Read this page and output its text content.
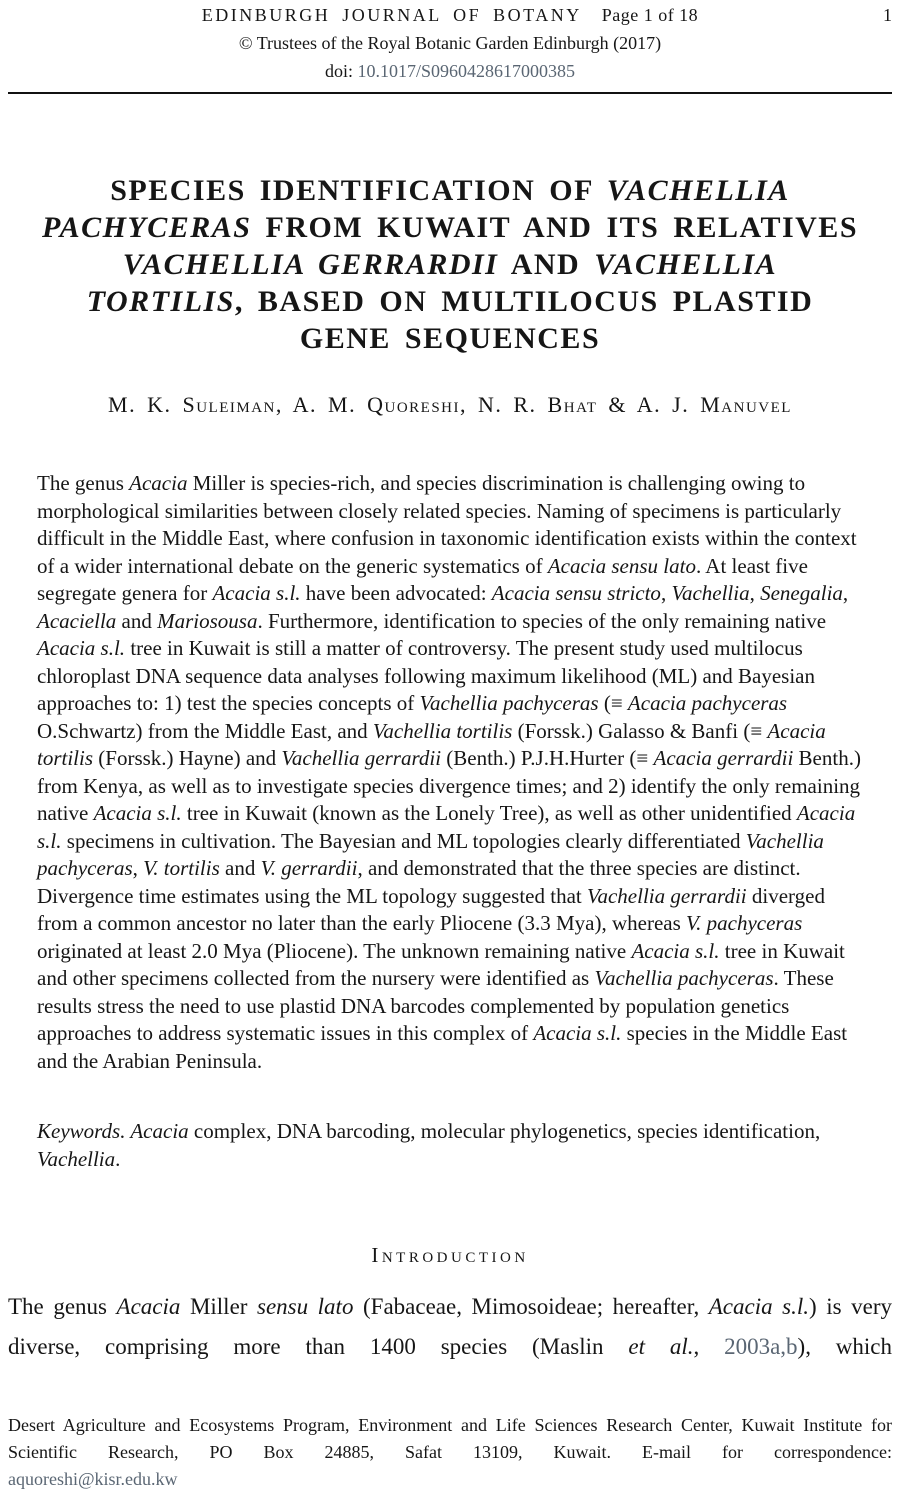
EDINBURGH JOURNAL OF BOTANY Page 1 of 18	1
© Trustees of the Royal Botanic Garden Edinburgh (2017)
doi: 10.1017/S0960428617000385
SPECIES IDENTIFICATION OF VACHELLIA
PACHYCERAS FROM KUWAIT AND ITS RELATIVES
VACHELLIA GERRARDII AND VACHELLIA
TORTILIS, BASED ON MULTILOCUS PLASTID
GENE SEQUENCES
M. K. Suleiman, A. M. Quoreshi, N. R. Bhat & A. J. Manuvel
The genus Acacia Miller is species-rich, and species discrimination is challenging owing to morphological similarities between closely related species. Naming of specimens is particularly difficult in the Middle East, where confusion in taxonomic identification exists within the context of a wider international debate on the generic systematics of Acacia sensu lato. At least five segregate genera for Acacia s.l. have been advocated: Acacia sensu stricto, Vachellia, Senegalia, Acaciella and Mariosousa. Furthermore, identification to species of the only remaining native Acacia s.l. tree in Kuwait is still a matter of controversy. The present study used multilocus chloroplast DNA sequence data analyses following maximum likelihood (ML) and Bayesian approaches to: 1) test the species concepts of Vachellia pachyceras (≡ Acacia pachyceras O.Schwartz) from the Middle East, and Vachellia tortilis (Forssk.) Galasso & Banfi (≡ Acacia tortilis (Forssk.) Hayne) and Vachellia gerrardii (Benth.) P.J.H.Hurter (≡ Acacia gerrardii Benth.) from Kenya, as well as to investigate species divergence times; and 2) identify the only remaining native Acacia s.l. tree in Kuwait (known as the Lonely Tree), as well as other unidentified Acacia s.l. specimens in cultivation. The Bayesian and ML topologies clearly differentiated Vachellia pachyceras, V. tortilis and V. gerrardii, and demonstrated that the three species are distinct. Divergence time estimates using the ML topology suggested that Vachellia gerrardii diverged from a common ancestor no later than the early Pliocene (3.3 Mya), whereas V. pachyceras originated at least 2.0 Mya (Pliocene). The unknown remaining native Acacia s.l. tree in Kuwait and other specimens collected from the nursery were identified as Vachellia pachyceras. These results stress the need to use plastid DNA barcodes complemented by population genetics approaches to address systematic issues in this complex of Acacia s.l. species in the Middle East and the Arabian Peninsula.
Keywords. Acacia complex, DNA barcoding, molecular phylogenetics, species identification, Vachellia.
Introduction
The genus Acacia Miller sensu lato (Fabaceae, Mimosoideae; hereafter, Acacia s.l.) is very diverse, comprising more than 1400 species (Maslin et al., 2003a,b), which
Desert Agriculture and Ecosystems Program, Environment and Life Sciences Research Center, Kuwait Institute for Scientific Research, PO Box 24885, Safat 13109, Kuwait. E-mail for correspondence:
aquoreshi@kisr.edu.kw
